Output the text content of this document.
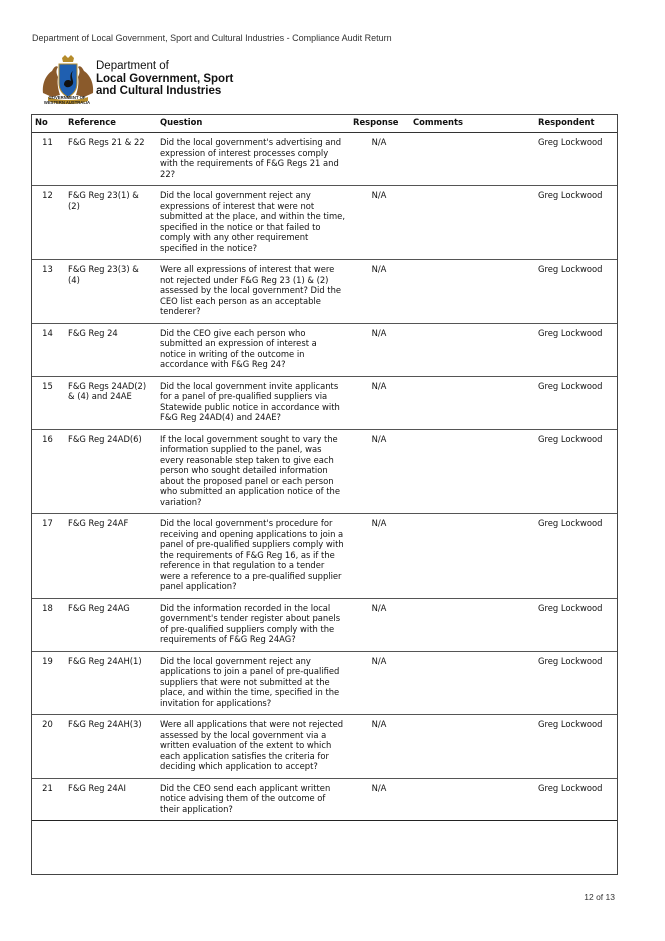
Department of Local Government, Sport and Cultural Industries - Compliance Audit Return
GOVERNMENT OF
WESTERN AUSTRALIA
Department of
Local Government, Sport
and Cultural Industries
No	Reference	Question	Response	Comments	Respondent
11	F&G Regs 21 & 22	Did the local government's advertising and expression of interest processes comply with the requirements of F&G Regs 21 and 22?	N/A		Greg Lockwood
12	F&G Reg 23(1) & (2)	Did the local government reject any expressions of interest that were not submitted at the place, and within the time, specified in the notice or that failed to comply with any other requirement specified in the notice?	N/A		Greg Lockwood
13	F&G Reg 23(3) & (4)	Were all expressions of interest that were not rejected under F&G Reg 23 (1) & (2) assessed by the local government? Did the CEO list each person as an acceptable tenderer?	N/A		Greg Lockwood
14	F&G Reg 24	Did the CEO give each person who submitted an expression of interest a notice in writing of the outcome in accordance with F&G Reg 24?	N/A		Greg Lockwood
15	F&G Regs 24AD(2) & (4) and 24AE	Did the local government invite applicants for a panel of pre-qualified suppliers via Statewide public notice in accordance with F&G Reg 24AD(4) and 24AE?	N/A		Greg Lockwood
16	F&G Reg 24AD(6)	If the local government sought to vary the information supplied to the panel, was every reasonable step taken to give each person who sought detailed information about the proposed panel or each person who submitted an application notice of the variation?	N/A		Greg Lockwood
17	F&G Reg 24AF	Did the local government's procedure for receiving and opening applications to join a panel of pre-qualified suppliers comply with the requirements of F&G Reg 16, as if the reference in that regulation to a tender were a reference to a pre-qualified supplier panel application?	N/A		Greg Lockwood
18	F&G Reg 24AG	Did the information recorded in the local government's tender register about panels of pre-qualified suppliers comply with the requirements of F&G Reg 24AG?	N/A		Greg Lockwood
19	F&G Reg 24AH(1)	Did the local government reject any applications to join a panel of pre-qualified suppliers that were not submitted at the place, and within the time, specified in the invitation for applications?	N/A		Greg Lockwood
20	F&G Reg 24AH(3)	Were all applications that were not rejected assessed by the local government via a written evaluation of the extent to which each application satisfies the criteria for deciding which application to accept?	N/A		Greg Lockwood
21	F&G Reg 24AI	Did the CEO send each applicant written notice advising them of the outcome of their application?	N/A		Greg Lockwood
12 of 13
